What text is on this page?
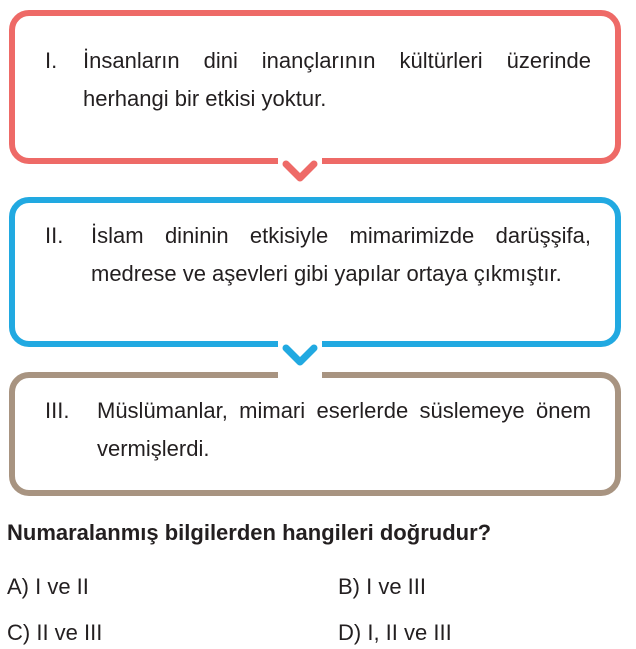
I.	İnsanların dini inançlarının kültürleri üzerinde herhangi bir etkisi yoktur.
II.	İslam dininin etkisiyle mimarimizde darüşşifa, medrese ve aşevleri gibi yapılar ortaya çıkmıştır.
III.	Müslümanlar, mimari eserlerde süslemeye önem vermişlerdi.
Numaralanmış bilgilerden hangileri doğrudur?
A) I ve II	B) I ve III
C) II ve III	D) I, II ve III
